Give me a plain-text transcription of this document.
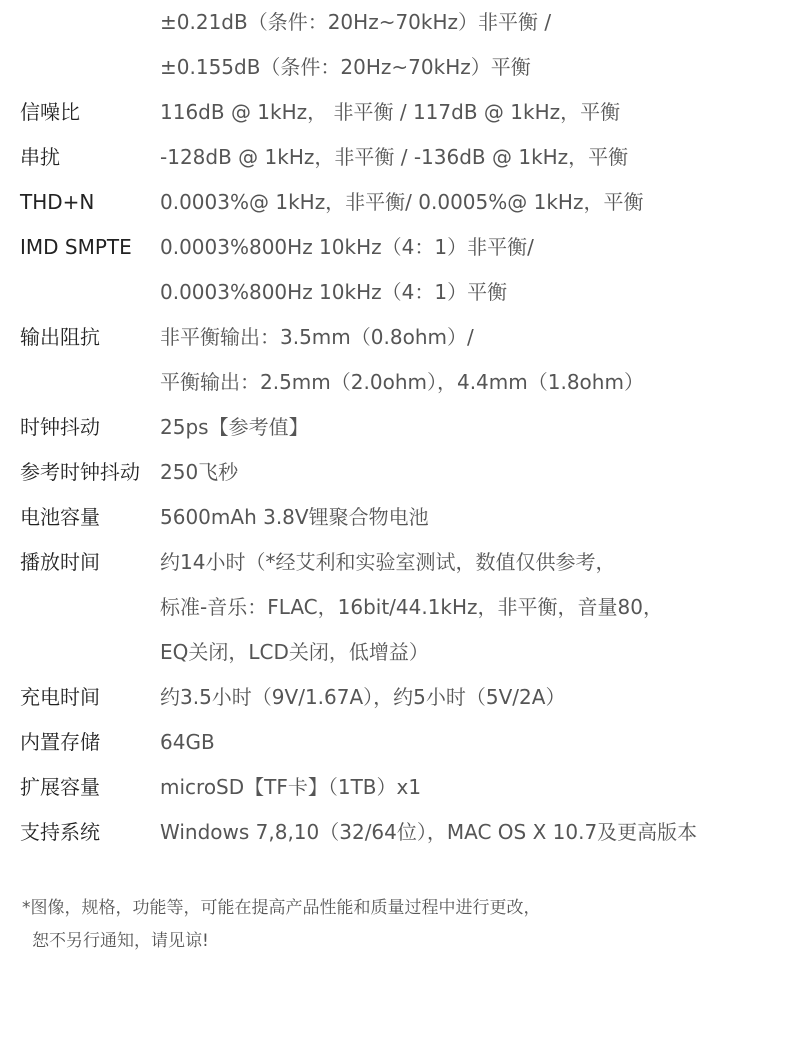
±0.21dB（条件：20Hz~70kHz）非平衡 /
±0.155dB（条件：20Hz~70kHz）平衡
信噪比	116dB @ 1kHz， 非平衡 / 117dB @ 1kHz，平衡
串扰	-128dB @ 1kHz，非平衡 / -136dB @ 1kHz，平衡
THD+N	0.0003%@ 1kHz，非平衡/ 0.0005%@ 1kHz，平衡
IMD SMPTE	0.0003%800Hz 10kHz（4：1）非平衡/
0.0003%800Hz 10kHz（4：1）平衡
输出阻抗	非平衡输出：3.5mm（0.8ohm）/
平衡输出：2.5mm（2.0ohm），4.4mm（1.8ohm）
时钟抖动	25ps【参考值】
参考时钟抖动	250飞秒
电池容量	5600mAh 3.8V锂聚合物电池
播放时间	约14小时（*经艾利和实验室测试，数值仅供参考，
标准-音乐：FLAC，16bit/44.1kHz，非平衡，音量80，
EQ关闭，LCD关闭，低增益）
充电时间	约3.5小时（9V/1.67A），约5小时（5V/2A）
内置存储	64GB
扩展容量	microSD【TF卡】（1TB）x1
支持系统	Windows 7,8,10（32/64位），MAC OS X 10.7及更高版本
*图像，规格，功能等，可能在提高产品性能和质量过程中进行更改，
恕不另行通知，请见谅!
